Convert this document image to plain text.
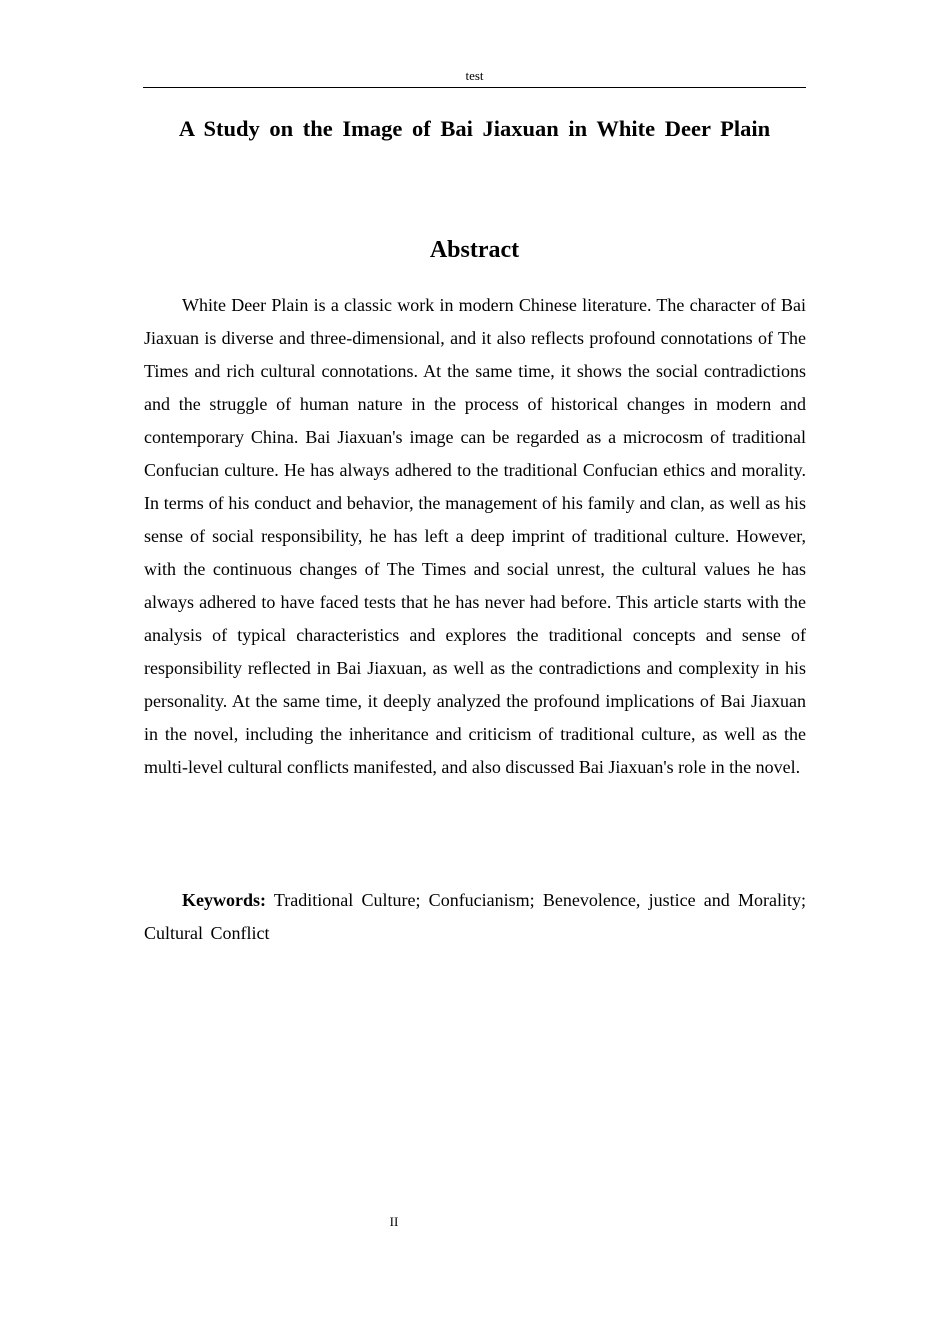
test
A Study on the Image of Bai Jiaxuan in White Deer Plain
Abstract

White Deer Plain is a classic work in modern Chinese literature. The character of Bai Jiaxuan is diverse and three-dimensional, and it also reflects profound connotations of The Times and rich cultural connotations. At the same time, it shows the social contradictions and the struggle of human nature in the process of historical changes in modern and contemporary China. Bai Jiaxuan's image can be regarded as a microcosm of traditional Confucian culture. He has always adhered to the traditional Confucian ethics and morality. In terms of his conduct and behavior, the management of his family and clan, as well as his sense of social responsibility, he has left a deep imprint of traditional culture. However, with the continuous changes of The Times and social unrest, the cultural values he has always adhered to have faced tests that he has never had before. This article starts with the analysis of typical characteristics and explores the traditional concepts and sense of responsibility reflected in Bai Jiaxuan, as well as the contradictions and complexity in his personality. At the same time, it deeply analyzed the profound implications of Bai Jiaxuan in the novel, including the inheritance and criticism of traditional culture, as well as the multi-level cultural conflicts manifested, and also discussed Bai Jiaxuan's role in the novel.

Keywords: Traditional Culture; Confucianism; Benevolence, justice and Morality; Cultural Conflict

II
